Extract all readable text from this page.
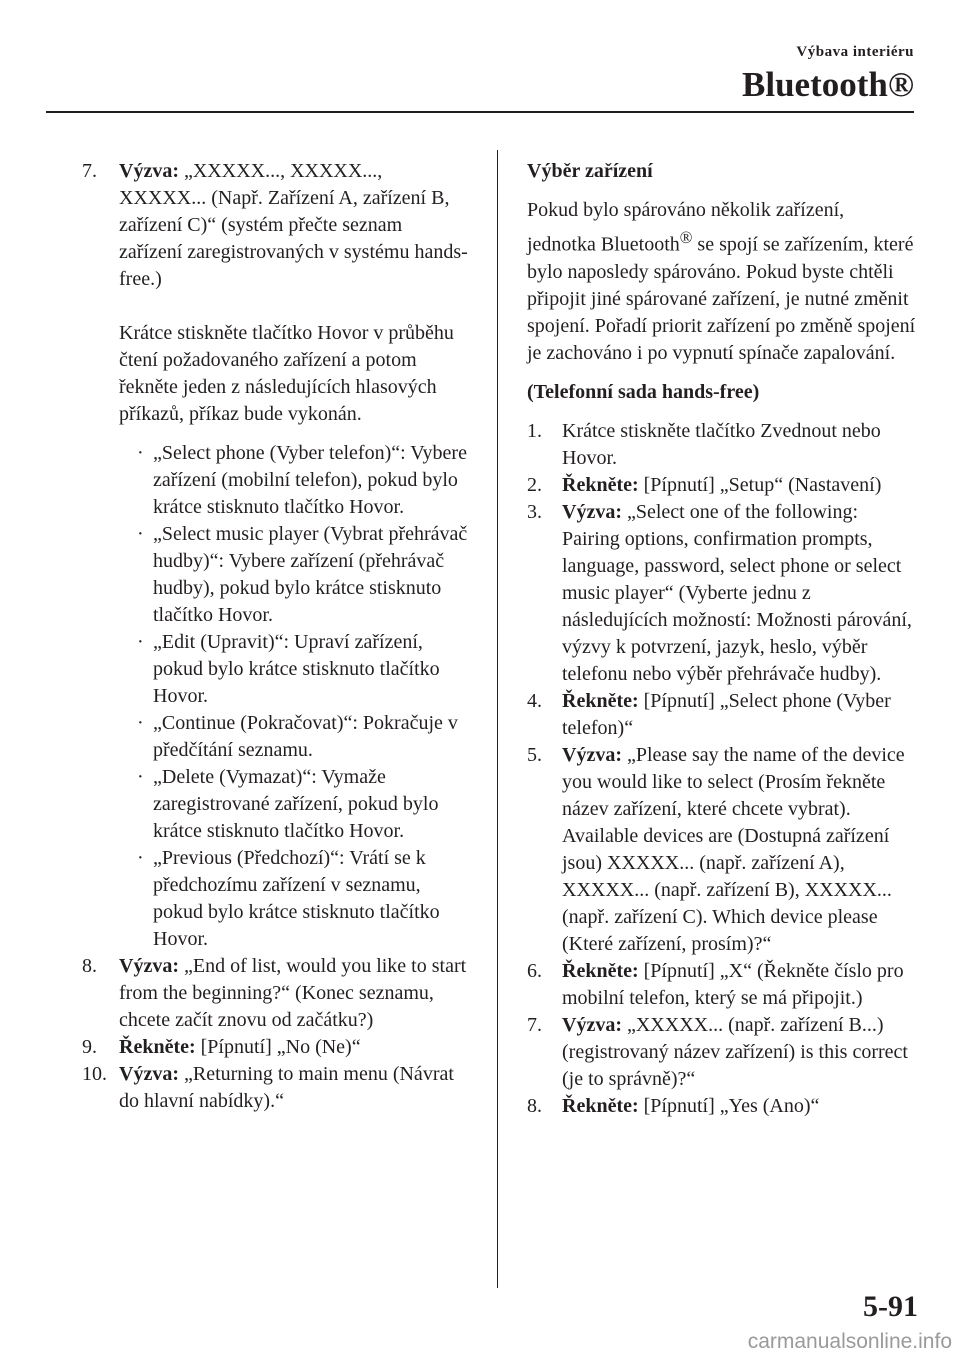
Výbava interiéru
Bluetooth®
7.	Výzva: „XXXXX..., XXXXX..., XXXXX... (Např. Zařízení A, zařízení B, zařízení C)“ (systém přečte seznam zařízení zaregistrovaných v systému hands-free.)
Krátce stiskněte tlačítko Hovor v průběhu čtení požadovaného zařízení a potom řekněte jeden z následujících hlasových příkazů, příkaz bude vykonán.
· „Select phone (Vyber telefon)“: Vybere zařízení (mobilní telefon), pokud bylo krátce stisknuto tlačítko Hovor.
· „Select music player (Vybrat přehrávač hudby)“: Vybere zařízení (přehrávač hudby), pokud bylo krátce stisknuto tlačítko Hovor.
· „Edit (Upravit)“: Upraví zařízení, pokud bylo krátce stisknuto tlačítko Hovor.
· „Continue (Pokračovat)“: Pokračuje v předčítání seznamu.
· „Delete (Vymazat)“: Vymaže zaregistrované zařízení, pokud bylo krátce stisknuto tlačítko Hovor.
· „Previous (Předchozí)“: Vrátí se k předchozímu zařízení v seznamu, pokud bylo krátce stisknuto tlačítko Hovor.
8.	Výzva: „End of list, would you like to start from the beginning?“ (Konec seznamu, chcete začít znovu od začátku?)
9.	Řekněte: [Pípnutí] „No (Ne)“
10. Výzva: „Returning to main menu (Návrat do hlavní nabídky).“
Výběr zařízení
Pokud bylo spárováno několik zařízení, jednotka Bluetooth® se spojí se zařízením, které bylo naposledy spárováno. Pokud byste chtěli připojit jiné spárované zařízení, je nutné změnit spojení. Pořadí priorit zařízení po změně spojení je zachováno i po vypnutí spínače zapalování.
(Telefonní sada hands-free)
1.	Krátce stiskněte tlačítko Zvednout nebo Hovor.
2.	Řekněte: [Pípnutí] „Setup“ (Nastavení)
3.	Výzva: „Select one of the following: Pairing options, confirmation prompts, language, password, select phone or select music player“ (Vyberte jednu z následujících možností: Možnosti párování, výzvy k potvrzení, jazyk, heslo, výběr telefonu nebo výběr přehrávače hudby).
4.	Řekněte: [Pípnutí] „Select phone (Vyber telefon)“
5.	Výzva: „Please say the name of the device you would like to select (Prosím řekněte název zařízení, které chcete vybrat). Available devices are (Dostupná zařízení jsou) XXXXX... (např. zařízení A), XXXXX... (např. zařízení B), XXXXX... (např. zařízení C). Which device please (Které zařízení, prosím)?“
6.	Řekněte: [Pípnutí] „X“ (Řekněte číslo pro mobilní telefon, který se má připojit.)
7.	Výzva: „XXXXX... (např. zařízení B...) (registrovaný název zařízení) is this correct (je to správně)?“
8.	Řekněte: [Pípnutí] „Yes (Ano)“
5-91
carmanualsonline.info
